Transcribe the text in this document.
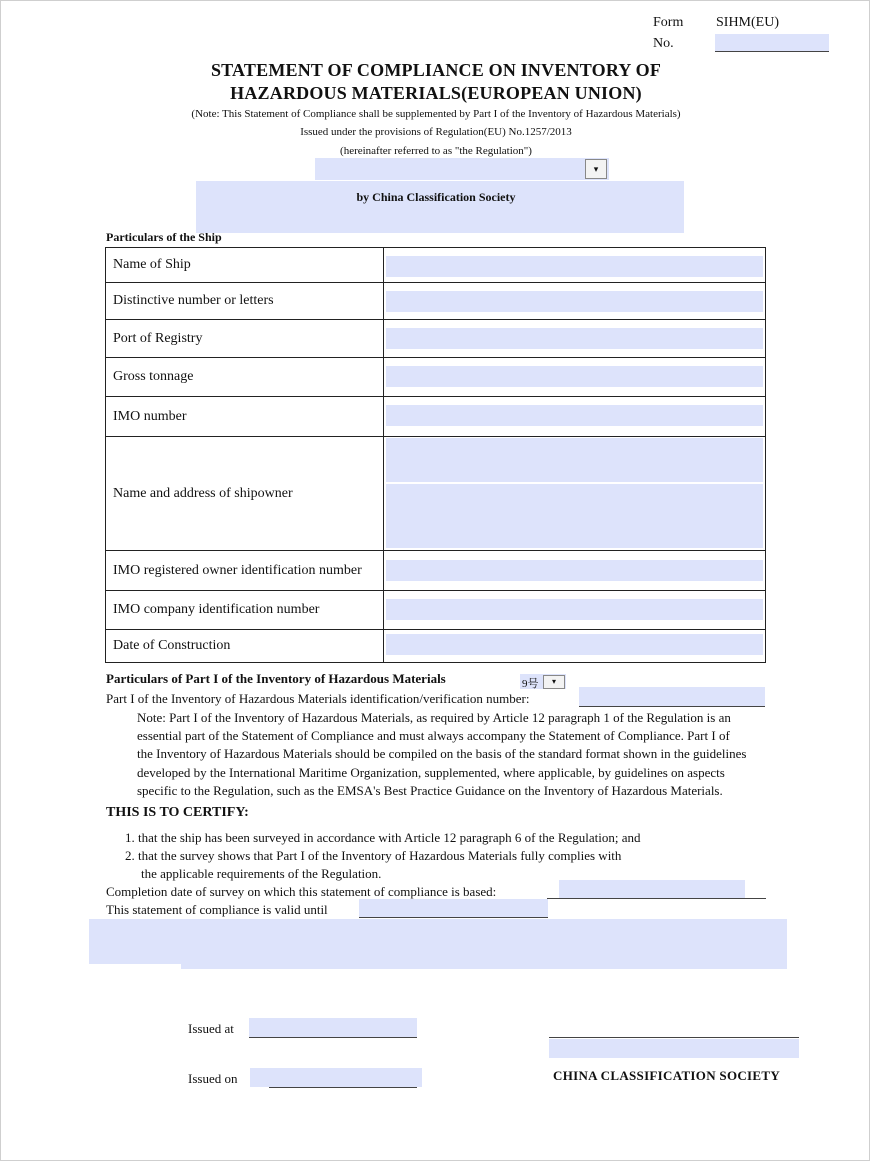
Form SIHM(EU)
No.
STATEMENT OF COMPLIANCE ON INVENTORY OF
HAZARDOUS MATERIALS(EUROPEAN UNION)
(Note: This Statement of Compliance shall be supplemented by Part I of the Inventory of Hazardous Materials)
Issued under the provisions of Regulation(EU) No.1257/2013
(hereinafter referred to as "the Regulation")
▾
by China Classification Society
Particulars of the Ship
Name of Ship	

Distinctive number or letters	

Port of Registry	

Gross tonnage	

IMO number	

Name and address of shipowner	

IMO registered owner identification number	

IMO company identification number	

Date of Construction	
Particulars of Part I of the Inventory of Hazardous Materials	9号	▾
Part I of the Inventory of Hazardous Materials identification/verification number:

Note: Part I of the Inventory of Hazardous Materials, as required by Article 12 paragraph 1 of the Regulation is an

essential part of the Statement of Compliance and must always accompany the Statement of Compliance. Part I of

the Inventory of Hazardous Materials should be compiled on the basis of the standard format shown in the guidelines

developed by the International Maritime Organization, supplemented, where applicable, by guidelines on aspects

specific to the Regulation, such as the EMSA's Best Practice Guidance on the Inventory of Hazardous Materials.

THIS IS TO CERTIFY:
1. that the ship has been surveyed in accordance with Article 12 paragraph 6 of the Regulation; and
2. that the survey shows that Part I of the Inventory of Hazardous Materials fully complies with
the applicable requirements of the Regulation.
Completion date of survey on which this statement of compliance is based:
This statement of compliance is valid until
Issued at
Issued on	CHINA CLASSIFICATION SOCIETY
